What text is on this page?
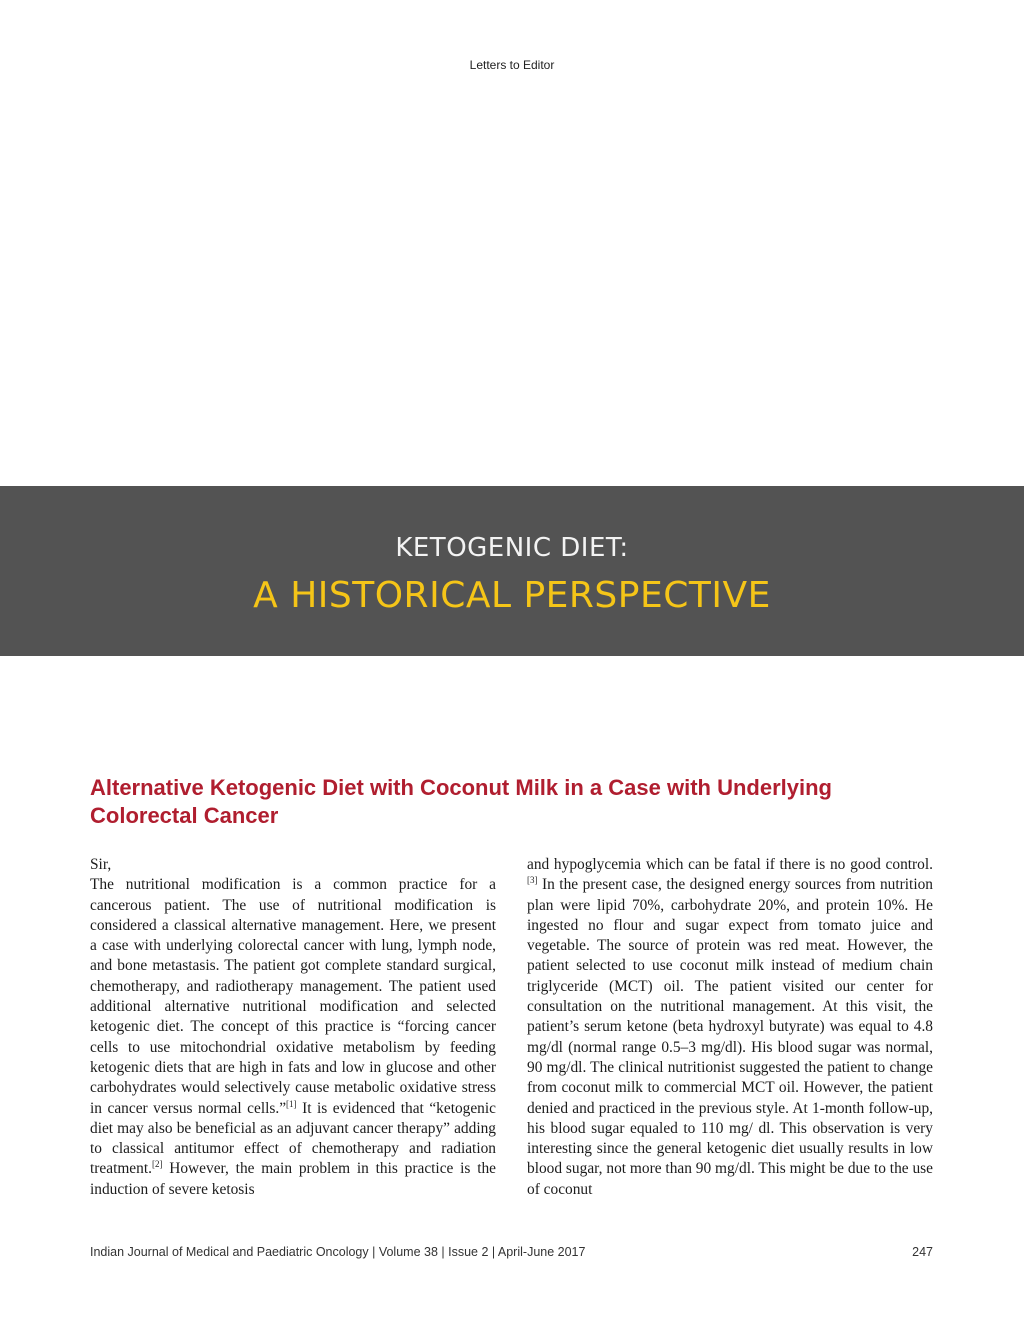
Letters to Editor
KETOGENIC DIET:
A HISTORICAL PERSPECTIVE
Alternative Ketogenic Diet with Coconut Milk in a Case with Underlying Colorectal Cancer

Sir,

The nutritional modification is a common practice for a cancerous patient. The use of nutritional modification is considered a classical alternative management. Here, we present a case with underlying colorectal cancer with lung, lymph node, and bone metastasis. The patient got complete standard surgical, chemotherapy, and radiotherapy management. The patient used additional alternative nutritional modification and selected ketogenic diet. The concept of this practice is “forcing cancer cells to use mitochondrial oxidative metabolism by feeding ketogenic diets that are high in fats and low in glucose and other carbohydrates would selectively cause metabolic oxidative stress in cancer versus normal cells.”[1] It is evidenced that “ketogenic diet may also be beneficial as an adjuvant cancer therapy” adding to classical antitumor effect of chemotherapy and radiation treatment.[2] However, the main problem in this practice is the induction of severe ketosis

and hypoglycemia which can be fatal if there is no good control.[3] In the present case, the designed energy sources from nutrition plan were lipid 70%, carbohydrate 20%, and protein 10%. He ingested no flour and sugar expect from tomato juice and vegetable. The source of protein was red meat. However, the patient selected to use coconut milk instead of medium chain triglyceride (MCT) oil. The patient visited our center for consultation on the nutritional management. At this visit, the patient’s serum ketone (beta hydroxyl butyrate) was equal to 4.8 mg/dl (normal range 0.5–3 mg/dl). His blood sugar was normal, 90 mg/dl. The clinical nutritionist suggested the patient to change from coconut milk to commercial MCT oil. However, the patient denied and practiced in the previous style. At 1-month follow-up, his blood sugar equaled to 110 mg/ dl. This observation is very interesting since the general ketogenic diet usually results in low blood sugar, not more than 90 mg/dl. This might be due to the use of coconut

Indian Journal of Medical and Paediatric Oncology | Volume 38 | Issue 2 | April-June 2017	247
